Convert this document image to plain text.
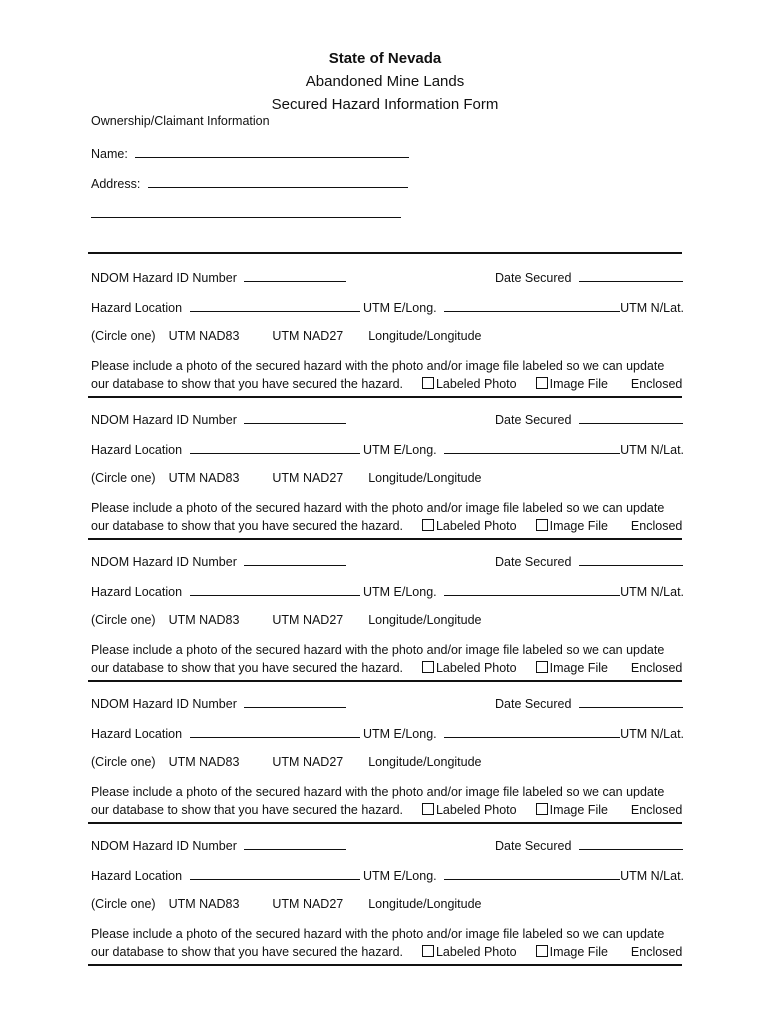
State of Nevada
Abandoned Mine Lands
Secured Hazard Information Form
Ownership/Claimant Information
Name:
Address:
NDOM Hazard ID Number	Date Secured
Hazard Location	UTM E/Long.	UTM N/Lat.
(Circle one) UTM NAD83	UTM NAD27 Longitude/Longitude
Please include a photo of the secured hazard with the photo and/or image file labeled so we can update
our database to show that you have secured the hazard.	Labeled Photo	Image File Enclosed
NDOM Hazard ID Number	Date Secured
Hazard Location	UTM E/Long.	UTM N/Lat.
(Circle one) UTM NAD83	UTM NAD27 Longitude/Longitude
Please include a photo of the secured hazard with the photo and/or image file labeled so we can update
our database to show that you have secured the hazard.	Labeled Photo	Image File Enclosed
NDOM Hazard ID Number	Date Secured
Hazard Location	UTM E/Long.	UTM N/Lat.
(Circle one) UTM NAD83	UTM NAD27 Longitude/Longitude
Please include a photo of the secured hazard with the photo and/or image file labeled so we can update
our database to show that you have secured the hazard.	Labeled Photo	Image File Enclosed
NDOM Hazard ID Number	Date Secured
Hazard Location	UTM E/Long.	UTM N/Lat.
(Circle one) UTM NAD83	UTM NAD27 Longitude/Longitude
Please include a photo of the secured hazard with the photo and/or image file labeled so we can update
our database to show that you have secured the hazard.	Labeled Photo	Image File Enclosed
NDOM Hazard ID Number	Date Secured
Hazard Location	UTM E/Long.	UTM N/Lat.
(Circle one) UTM NAD83	UTM NAD27 Longitude/Longitude
Please include a photo of the secured hazard with the photo and/or image file labeled so we can update
our database to show that you have secured the hazard.	Labeled Photo	Image File Enclosed
